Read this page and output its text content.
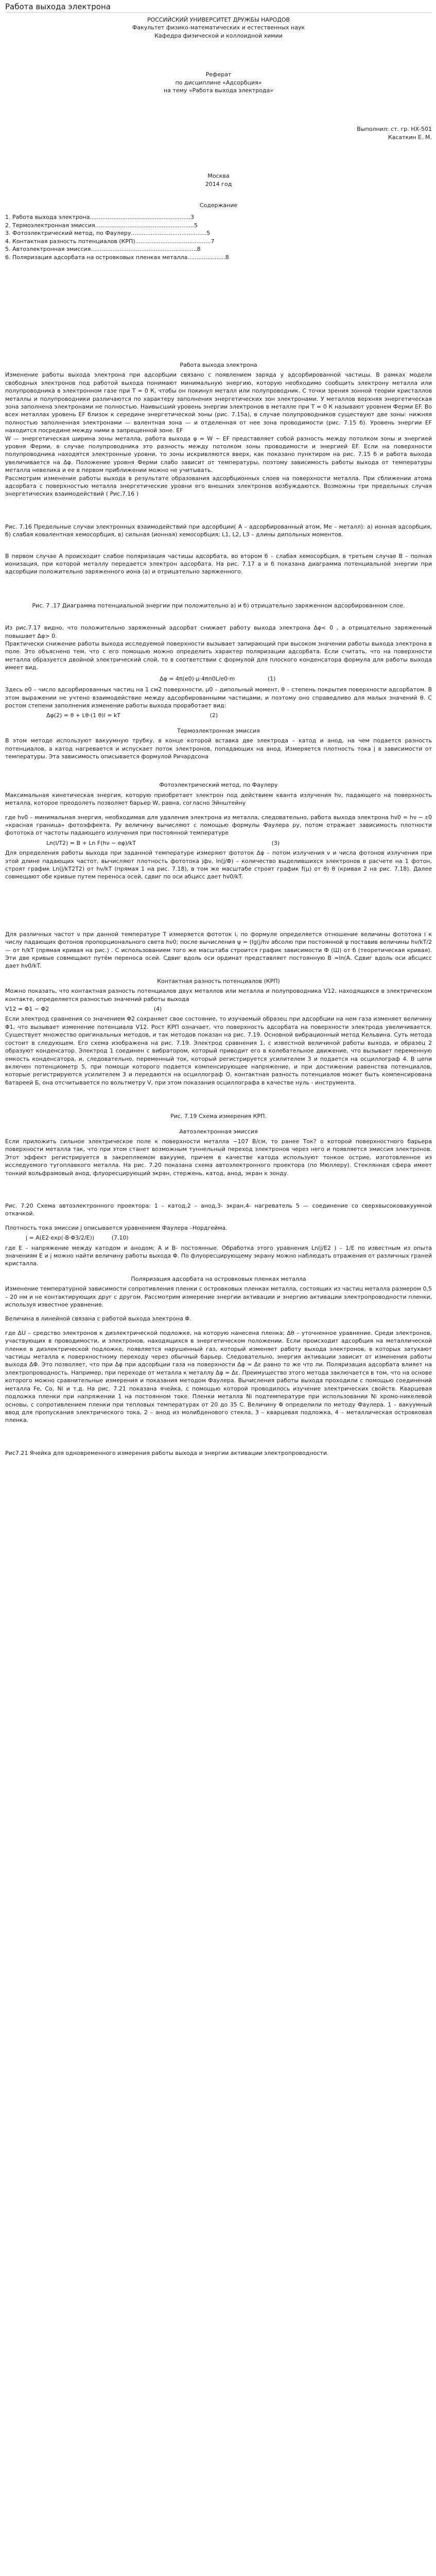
Работа выхода электрона

РОССИЙСКИЙ УНИВЕРСИТЕТ ДРУЖБЫ НАРОДОВ

Факультет физико-математических и естественных наук

Кафедра физической и коллоидной химии

Реферат

по дисциплине «Адсорбция»

на тему «Работа выхода электрода»

Выполнил: ст. гр. НХ-501

Касаткин Е. М.

Москва

2014 год

Содержание

1. Работа выхода электрона........................................................3
2. Термоэлектронная эмиссия.......................................................5
3. Фотоэлектрический метод, по Фаулеру..........................................5
4. Контактная разность потенциалов (КРП)..........................................7
5. Автоэлектронная эмиссия...........................................................8
6. Поляризация адсорбата на островковых пленках металла.....................8

Работа выхода электрона

Изменение работы выхода электрона при адсорбции связано с появлением заряда у адсорбированной частицы. В рамках модели свободных электронов под работой выхода понимают минимальную энергию, которую необходимо сообщить электрону металла или полупроводника в электронном газе при T = 0 К, чтобы он покинул металл или полупроводник. С точки зрения зонной теории кристаллов металлы и полупроводники различаются по характеру заполнения энергетических зон электронами. У металлов верхняя энергетическая зона заполнена электронами не полностью. Наивысший уровень энергии электронов в металле при T = 0 К называют уровнем Ферми EF. Во всех металлах уровень EF близок к середине энергетической зоны (рис. 7.15а), в случае полупроводников существуют две зоны: нижняя полностью заполненная электронами — валентная зона — и отделенная от нее зона проводимости (рис. 7.15 б). Уровень энергии EF находится посредине между ними в запрещенной зоне. EF

W — энергетическая ширина зоны металла, работа выхода φ = W − EF представляет собой разность между потолком зоны и энергией уровня Ферми, в случае полупроводника это разность между потолком зоны проводимости и энергией EF. Если на поверхности полупроводника находятся электронные уровни, то зоны искривляются вверх, как показано пунктиром на рис. 7.15 б и работа выхода увеличивается на Δφ. Положение уровня Ферми слабо зависит от температуры, поэтому зависимость работы выхода от температуры металла невелика и ее в первом приближении можно не учитывать.

Рассмотрим изменение работы выхода в результате образования адсорбционных слоев на поверхности металла. При сближении атома адсорбата с поверхностью металла энергетические уровни его внешних электронов возбуждаются. Возможны три предельных случая энергетических взаимодействий ( Рис.7.16 )

Рис. 7.16 Предельные случаи электронных взаимодействий при адсорбции( A – адсорбированный атом, Ме – металл): а) ионная адсорбция, б) слабая ковалентная хемосорбция, в) сильная (ионная) хемосорбция; L1, L2, L3 – длины дипольных моментов.

В первом случае A происходит слабое поляризация частицы адсорбата, во втором б – слабая хемосорбция, в третьем случае В – полная ионизация, при которой металлу передается электрон адсорбата. На рис. 7.17 а и б показана диаграмма потенциальной энергии при адсорбции положительно заряженного иона (а) и отрицательно заряженного.

Рис. 7 .17 Диаграмма потенциальной энергии при положительно а) и б) отрицательно заряженном адсорбированном слое.

Из рис.7.17 видно, что положительно заряженный адсорбат снижает работу выхода электрона Δφ< 0 , а отрицательно заряженный повышает Δφ> 0.

Практически снижение работы выхода исследуемой поверхности вызывает запирающий при высоком значении работы выхода электрона в поле. Это объяснено тем, что с его помощью можно определить характер поляризации адсорбата. Если считать, что на поверхности металла образуется двойной электрический слой, то в соответствии с формулой для плоского конденсатора формула для работы выхода имеет вид.

Δφ = 4π(e0)·μ·4πn0L/e0·m	(1)

Здесь e0 – число адсорбированных частиц на 1 см2 поверхности, μ0 – дипольный момент, θ – степень покрытия поверхности адсорбатом. В этом выражении не учтено взаимодействие между адсорбированными частицами, и поэтому оно справедливо для малых значений θ. С ростом степени заполнения изменение работы выхода проработает вид:

Δφ(2) = θ + Lθ·(1 θ)l = kT	(2)

Термоэлектронная эмиссия

В этом методе используют вакуумную трубку, в конце которой вставка две электрода – катод и анод, на чем подается разность потенциалов, а катод нагревается и испускает поток электронов, попадающих на анод. Измеряется плотность тока j в зависимости от температуры. Эта зависимость описывается формулой Ричардсона

Фотоэлектрический метод, по Фаулеру

Максимальная кинетическая энергия, которую приобретает электрон под действием кванта излучения hν, падающего на поверхность металла, которое преодолеть позволяет барьер W, равна, согласно Эйнштейну

где hν0 – минимальная энергия, необходимая для удаления электрона из металла, следовательно, работа выхода электрона hν0 = hν − ε0 «красная граница» фотоэффекта. Ру величину вычисляют с помощью формулы Фаулера ру, потом отражает зависимость плотности фототока от частоты падающего излучения при постоянной температуре

Ln(I/T2) = B + Ln F(hν − eφ)/kT	(3)

Для определения работы выхода при заданной температуре измеряют фототок Δφ – потом излучения ν и числа фотонов излучения при этой длине падающих частот, вычисляют плотность фототока jфν, ln(j/Φ) – количество выделившихся электронов в расчете на 1 фотон, строят график Ln(j/kT2T2) от hν/kT (прямая 1 на рис. 7.18), в том же масштабе строят график f(μ) от θ) θ (кривая 2 на рис. 7.18). Далее совмещают обе кривые путем переноса осей, сдвиг по оси абцисс дает hν0/kT.

Для различных частот ν при данной температуре Т измеряется фототок i, по формуле определяется отношение величины фототока i к числу падающих фотонов пропорционального света hν0; после вычисления ψ = (lg(j/hν абсолю при постоянной ψ поставив величины hν/kT/2 — от h/kT (прямая кривая на рис.) . С использованием того же масштаба строится график зависимости Ф (Ш) от б (теоретическая кривая). Эти две кривые совмещают путём переноса осей. Сдвиг вдоль оси ординат представляет постоянную B =ln(A. Сдвиг вдоль оси абсцисс дает hν0/kT.

Контактная разность потенциалов (КРП)

Можно показать, что контактная разность потенциалов двух металлов или металла и полупроводника V12, находящихся в электрическом контакте, определяется разностью значений работы выхода

V12 = Φ1 − Φ2	(4)

Если электрод сравнения со значением Φ2 сохраняет свое состояние, то изучаемый образец при адсорбции на нем газа изменяет величину Φ1, что вызывает изменение потенциала V12. Рост КРП означает, что поверхность адсорбата на поверхности электрода увеличивается. Существует множество оригинальных методов, и так методов показан на рис. 7.19. Основной вибрационный метод Кельвина. Суть метода состоит в следующем. Его схема изображена на рис. 7.19. Электрод сравнения 1, с известной величиной работы выхода, и образец 2 образуют конденсатор. Электрод 1 соединен с вибратором, который приводит его в колебательное движение, что вызывает переменную емкость конденсатора, и, следовательно, переменный ток, который регистрируется усилителем 3 и подается на осциллограф 4. В цепи включен потенциометр 5, при помощи которого подается компенсирующее напряжение, и при достижении равенства потенциалов, которые регистрируются усилителем 3 и передаются на осциллограф О, контактная разность потенциалов может быть компенсирована батареей Б, она отсчитывается по вольтметру V, при этом показания осциллографа в качестве нуль - инструмента.

Рис. 7.19 Схема измерения КРП.

Автоэлектронная эмиссия

Если приложить сильное электрическое поле к поверхности металла ~107 В/см, то ранее Ток? о которой поверхностного барьера поверхности металла так, что при этом станет возможным туннельный переход электронов через него и появляется эмиссия электронов. Этот эффект регистрируется в закрепляемом вакууме, причем в качестве катода используют тонкое острие, изготовленное из исследуемого тугоплавкого металла. На рис. 7.20 показана схема автоэлектронного проектора (по Мюллеру). Стеклянная сфера имеет тонкий вольфрамовый анод, флуоресцирующий экран, стержень, катод, анод, экран к зонду.

Рис. 7.20 Схема автоэлектронного проектора: 1 – катод,2 – анод,3- экран,4- нагреватель 5 — соединение со сверхвысоковакуумной откачкой.

Плотность тока эмиссии j описывается уравнением Фаулера –Нордгейма.

j = A(E2·exp(-B·Φ3/2/E))	(7.10)

где E – напряжение между катодом и анодом; A и B- постоянные. Обработка этого уравнения Ln(j/E2 ) – 1/E по известным из опыта значениям E и j можно найти величину работы выхода Φ. По флуоресцирующему экрану можно наблюдать отражения от различных граней кристалла.

Поляризация адсорбата на островковых пленках металла

Изменение температурной зависимости сопротивления пленки с островковых пленках металла, состоящих из частиц металла размером 0,5 – 20 нм и не контактирующих друг с другом. Рассмотрим измерение энергии активации и энергию активации электропроводности пленки, используя известное уравнение.

Величина в линейной связана с работой выхода электрона Φ.

где ΔU – средство электронов к диэлектрической подложке, на которую нанесена пленка; Δθ – уточненное уравнение. Среди электронов, участвующих в проводимости, и электронов, находящихся в энергетическом положении. Если происходит адсорбция на металлической пленке в диэлектрической подложке, появляется нарушенный газ, который изменяет работу выхода электронов, в которых затухают частицы металла к поверхностному переходу через обычный барьер. Следовательно, энергия активации зависит от изменения работы выхода ΔΦ. Это позволяет, что при Δφ при адсорбции газа на поверхности Δφ = Δε равно то же что ли. Поляризация адсорбата влияет на электропроводность. Например, при переходе от металла к металлу Δφ = Δε. Преимущество этого метода заключается в том, что на основе которого можно сравнительные измерения и показания методом Фаулера. Вычисления работы выхода проходили с помощью соединений металла Fe, Co, Ni и т.д. На рис. 7.21 показана ячейка, с помощью которой проводилось изучение электрических свойств. Кварцевая подложка пленки при напряжении 1 на постоянном токе. Пленки металла Ni подтемпературе при использовании Ni хромо-никелевой основы, с сопротивлением пленки при тепловых температурах от 20 до 35 C. Величину Φ определили по методу Фаулера. 1 – вакуумный ввод для пропускания электрического тока, 2 – анод из молибденового стекла, 3 – кварцевая подложка, 4 – металлическая островковая пленка.

Рис7.21 Ячейка для одновременного измерения работы выхода и энергии активации электропроводности.
